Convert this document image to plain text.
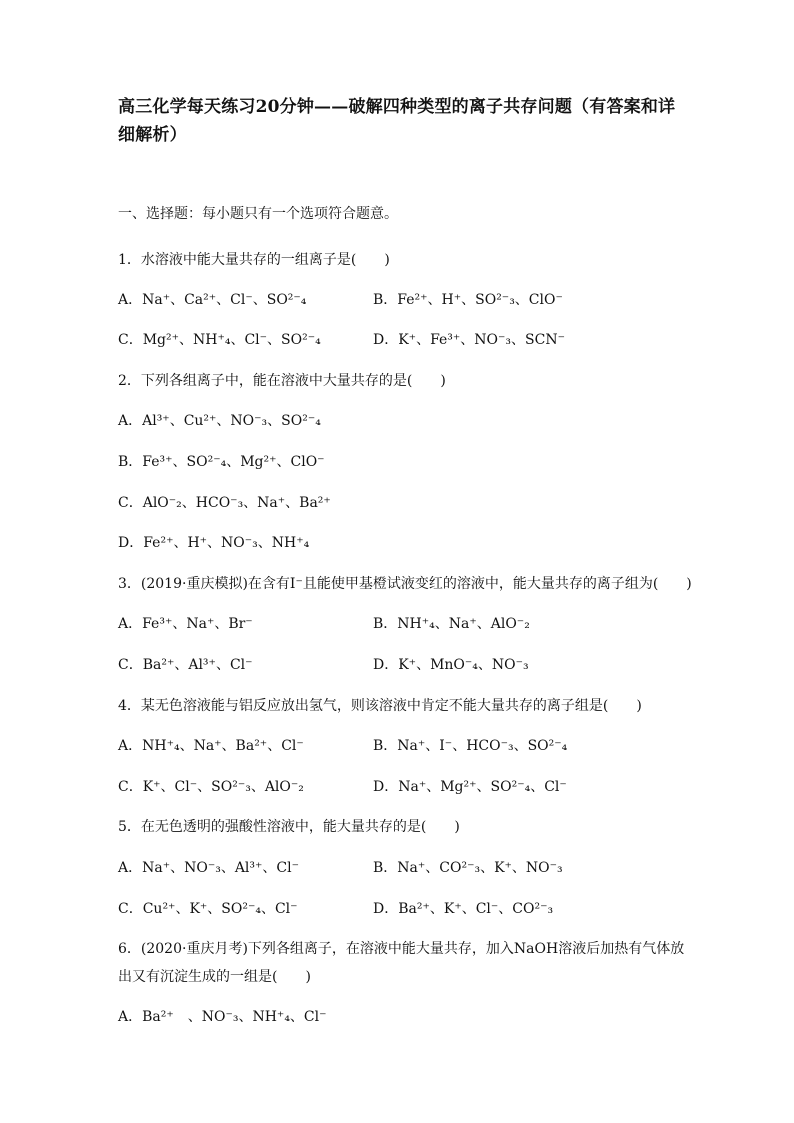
高三化学每天练习20分钟——破解四种类型的离子共存问题（有答案和详细解析）
一、选择题：每小题只有一个选项符合题意。
1．水溶液中能大量共存的一组离子是(　　)
A．Na⁺、Ca²⁺、Cl⁻、SO²⁻₄	B．Fe²⁺、H⁺、SO²⁻₃、ClO⁻
C．Mg²⁺、NH⁺₄、Cl⁻、SO²⁻₄	D．K⁺、Fe³⁺、NO⁻₃、SCN⁻
2．下列各组离子中，能在溶液中大量共存的是(　　)
A．Al³⁺、Cu²⁺、NO⁻₃、SO²⁻₄
B．Fe³⁺、SO²⁻₄、Mg²⁺、ClO⁻
C．AlO⁻₂、HCO⁻₃、Na⁺、Ba²⁺
D．Fe²⁺、H⁺、NO⁻₃、NH⁺₄
3．(2019·重庆模拟)在含有I⁻且能使甲基橙试液变红的溶液中，能大量共存的离子组为(　　)
A．Fe³⁺、Na⁺、Br⁻	B．NH⁺₄、Na⁺、AlO⁻₂
C．Ba²⁺、Al³⁺、Cl⁻	D．K⁺、MnO⁻₄、NO⁻₃
4．某无色溶液能与铝反应放出氢气，则该溶液中肯定不能大量共存的离子组是(　　)
A．NH⁺₄、Na⁺、Ba²⁺、Cl⁻	B．Na⁺、I⁻、HCO⁻₃、SO²⁻₄
C．K⁺、Cl⁻、SO²⁻₃、AlO⁻₂	D．Na⁺、Mg²⁺、SO²⁻₄、Cl⁻
5．在无色透明的强酸性溶液中，能大量共存的是(　　)
A．Na⁺、NO⁻₃、Al³⁺、Cl⁻	B．Na⁺、CO²⁻₃、K⁺、NO⁻₃
C．Cu²⁺、K⁺、SO²⁻₄、Cl⁻	D．Ba²⁺、K⁺、Cl⁻、CO²⁻₃
6．(2020·重庆月考)下列各组离子，在溶液中能大量共存，加入NaOH溶液后加热有气体放
出又有沉淀生成的一组是(　　)
A．Ba²⁺　、NO⁻₃、NH⁺₄、Cl⁻
